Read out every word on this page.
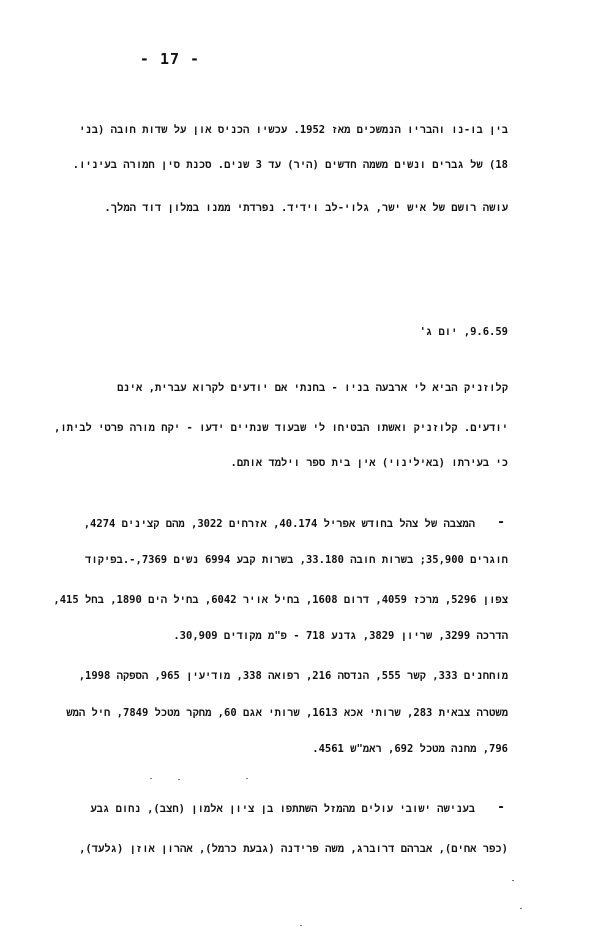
- 17 -
בין בו-נו והבריו הנמשכים מאז 1952. עכשיו הכניס און על שדות חובה (בני
18) של גברים ונשים משמה חדשים (היר) עד 3 שנים. סכנת סין חמורה בעיניו.
עושה רושם של איש ישר, גלוי-לב וידיד. נפרדתי ממנו במלון דוד המלך.
9.6.59, יום ג'
קלוזניק הביא לי ארבעה בניו - בחנתי אם יודעים לקרוא עברית, אינם
יודעים. קלוזניק ואשתו הבטיחו לי שבעוד שנתיים ידעו - יקח מורה פרטי לביתו,
כי בעירתו (באילינוי) אין בית ספר וילמד אותם.
-
המצבה של צהל בחודש אפריל 40.174, אזרחים 3022, מהם קצינים 4274,
חוגרים 35,900; בשרות חובה 33.180, בשרות קבע 6994 נשים 7369,-.בפיקוד
צפון 5296, מרכז 4059, דרום 1608, בחיל אויר 6042, בחיל הים 1890, בחל 415,
הדרכה 3299, שריון 3829, גדנע 718 - פ"מ מקודים 30,909.
מוחחנים 333, קשר 555, הנדסה 216, רפואה 338, מודיעין 965, הספקה 1998,
משטרה צבאית 283, שרותי אכא 1613, שרותי אגם 60, מחקר מטכל 7849, חיל המש
796, מחנה מטכל 692, ראמ"ש 4561.
-
בענישה ישובי עולים מהמזל השתתפו בן ציון אלמון (חצב), נחום גבע
(כפר אחים), אברהם דרוברג, משה פרידנה (גבעת כרמל), אהרון אוזן (גלעד),
